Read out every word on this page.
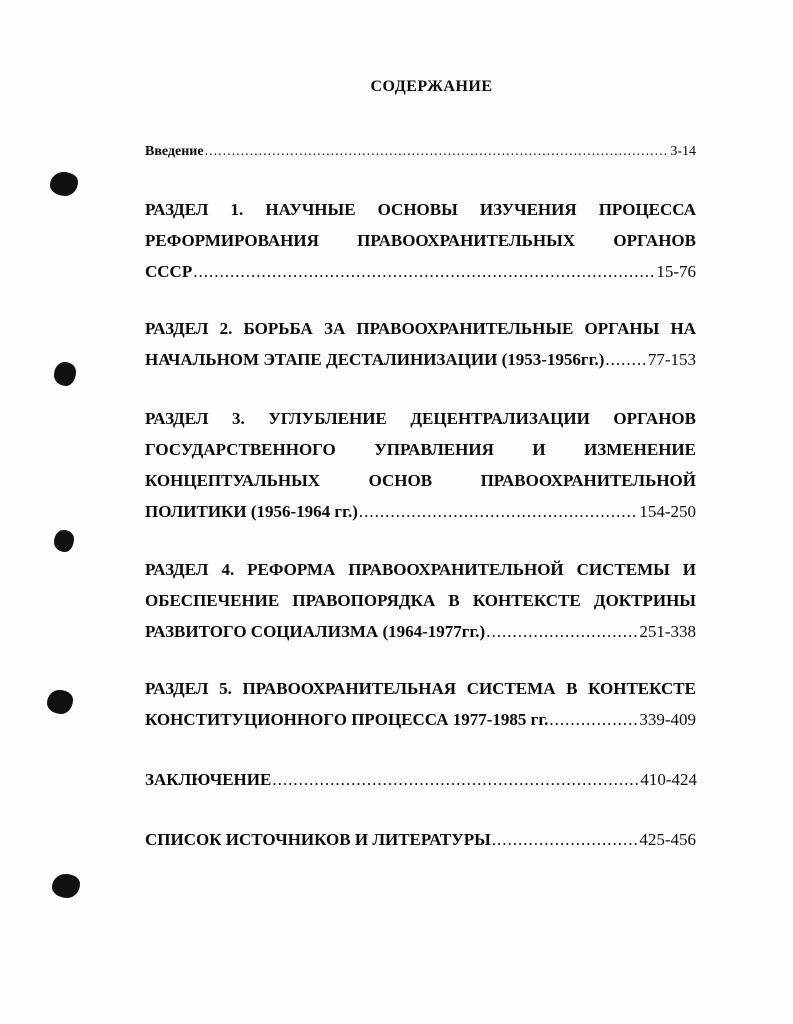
СОДЕРЖАНИЕ
Введение .....	3-14
РАЗДЕЛ 1. НАУЧНЫЕ ОСНОВЫ ИЗУЧЕНИЯ ПРОЦЕССА
РЕФОРМИРОВАНИЯ ПРАВООХРАНИТЕЛЬНЫХ ОРГАНОВ
СССР .....	15-76
РАЗДЕЛ 2. БОРЬБА ЗА ПРАВООХРАНИТЕЛЬНЫЕ ОРГАНЫ НА
НАЧАЛЬНОМ ЭТАПЕ ДЕСТАЛИНИЗАЦИИ (1953-1956гг.) .....	77-153
РАЗДЕЛ 3. УГЛУБЛЕНИЕ ДЕЦЕНТРАЛИЗАЦИИ ОРГАНОВ
ГОСУДАРСТВЕННОГО УПРАВЛЕНИЯ И ИЗМЕНЕНИЕ
КОНЦЕПТУАЛЬНЫХ ОСНОВ ПРАВООХРАНИТЕЛЬНОЙ
ПОЛИТИКИ (1956-1964 гг.) .....	154-250
РАЗДЕЛ 4. РЕФОРМА ПРАВООХРАНИТЕЛЬНОЙ СИСТЕМЫ И
ОБЕСПЕЧЕНИЕ ПРАВОПОРЯДКА В КОНТЕКСТЕ ДОКТРИНЫ
РАЗВИТОГО СОЦИАЛИЗМА (1964-1977гг.) .....	251-338
РАЗДЕЛ 5. ПРАВООХРАНИТЕЛЬНАЯ СИСТЕМА В КОНТЕКСТЕ
КОНСТИТУЦИОННОГО ПРОЦЕССА 1977-1985 гг. .....	339-409
ЗАКЛЮЧЕНИЕ .....	410-424
СПИСОК ИСТОЧНИКОВ И ЛИТЕРАТУРЫ .....	425-456
